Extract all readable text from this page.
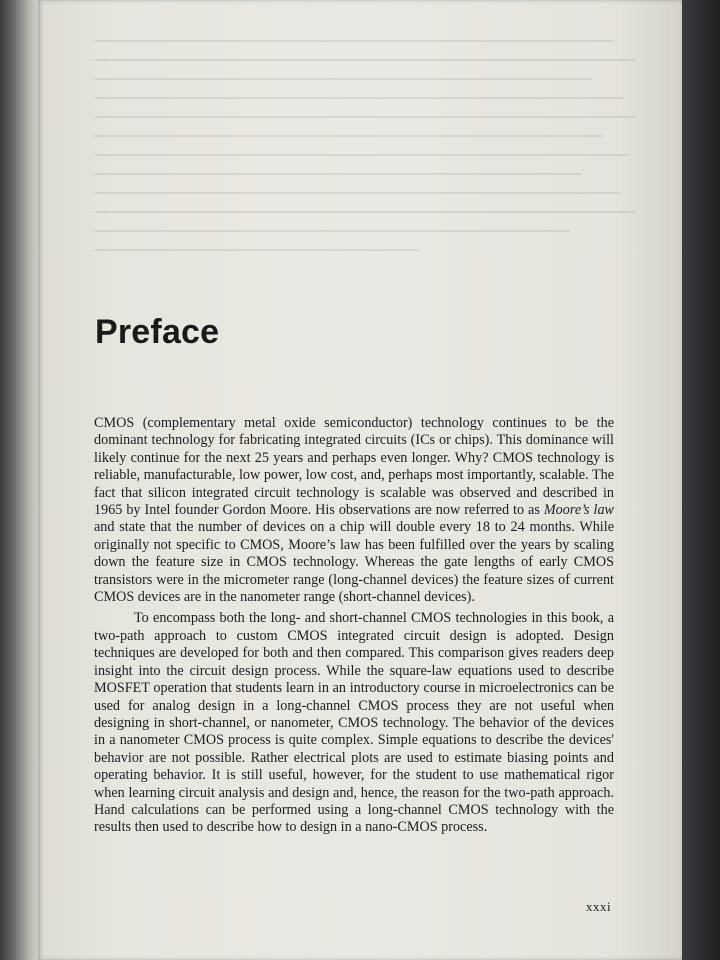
Preface

CMOS (complementary metal oxide semiconductor) technology continues to be the dominant technology for fabricating integrated circuits (ICs or chips). This dominance will likely continue for the next 25 years and perhaps even longer. Why? CMOS technology is reliable, manufacturable, low power, low cost, and, perhaps most importantly, scalable. The fact that silicon integrated circuit technology is scalable was observed and described in 1965 by Intel founder Gordon Moore. His observations are now referred to as Moore’s law and state that the number of devices on a chip will double every 18 to 24 months. While originally not specific to CMOS, Moore’s law has been fulfilled over the years by scaling down the feature size in CMOS technology. Whereas the gate lengths of early CMOS transistors were in the micrometer range (long-channel devices) the feature sizes of current CMOS devices are in the nanometer range (short-channel devices).

To encompass both the long- and short-channel CMOS technologies in this book, a two-path approach to custom CMOS integrated circuit design is adopted. Design techniques are developed for both and then compared. This comparison gives readers deep insight into the circuit design process. While the square-law equations used to describe MOSFET operation that students learn in an introductory course in microelectronics can be used for analog design in a long-channel CMOS process they are not useful when designing in short-channel, or nanometer, CMOS technology. The behavior of the devices in a nanometer CMOS process is quite complex. Simple equations to describe the devices' behavior are not possible. Rather electrical plots are used to estimate biasing points and operating behavior. It is still useful, however, for the student to use mathematical rigor when learning circuit analysis and design and, hence, the reason for the two-path approach. Hand calculations can be performed using a long-channel CMOS technology with the results then used to describe how to design in a nano-CMOS process.

xxxi
